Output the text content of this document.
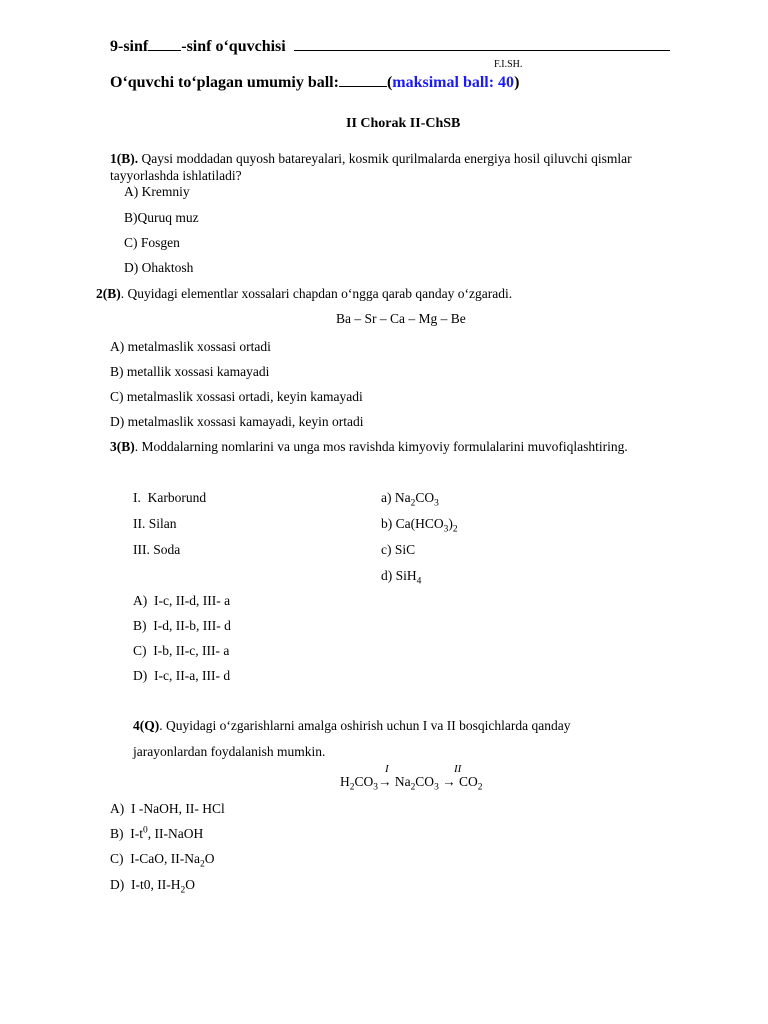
9-sinf -sinf o‘quvchisi
F.I.SH.
O‘quvchi to‘plagan umumiy ball:	(maksimal ball: 40)
II Chorak II-ChSB
1(B). Qaysi moddadan quyosh batareyalari, kosmik qurilmalarda energiya hosil qiluvchi qismlar
tayyorlashda ishlatiladi?
A) Kremniy
B)Quruq muz
C) Fosgen
D) Ohaktosh
2(B). Quyidagi elementlar xossalari chapdan o‘ngga qarab qanday o‘zgaradi.
Ba – Sr – Ca – Mg – Be
A) metalmaslik xossasi ortadi
B) metallik xossasi kamayadi
C) metalmaslik xossasi ortadi, keyin kamayadi
D) metalmaslik xossasi kamayadi, keyin ortadi
3(B). Moddalarning nomlarini va unga mos ravishda kimyoviy formulalarini muvofiqlashtiring.
I. Karborund
II. Silan
III. Soda
a) $Na_2CO_3$
b) $Ca(HCO_3)_2$
c) SiC
d) SiH$_4$
A) I-c, II-d, III- a
B) I-d, II-b, III- d
C) I-b, II-c, III- a
D) I-c, II-a, III- d
4(Q). Quyidagi o‘zgarishlarni amalga oshirish uchun I va II bosqichlarda qanday
jarayonlardan foydalanish mumkin.
I	II
$H_2CO_3\to Na_2CO_3 \to CO_2$
A)  I -NaOH, II- HCl
B)  $I-t^0$, II-NaOH
C)  I-CaO, $II-Na_2O$
D)  I-t0, $II-H_2O$
